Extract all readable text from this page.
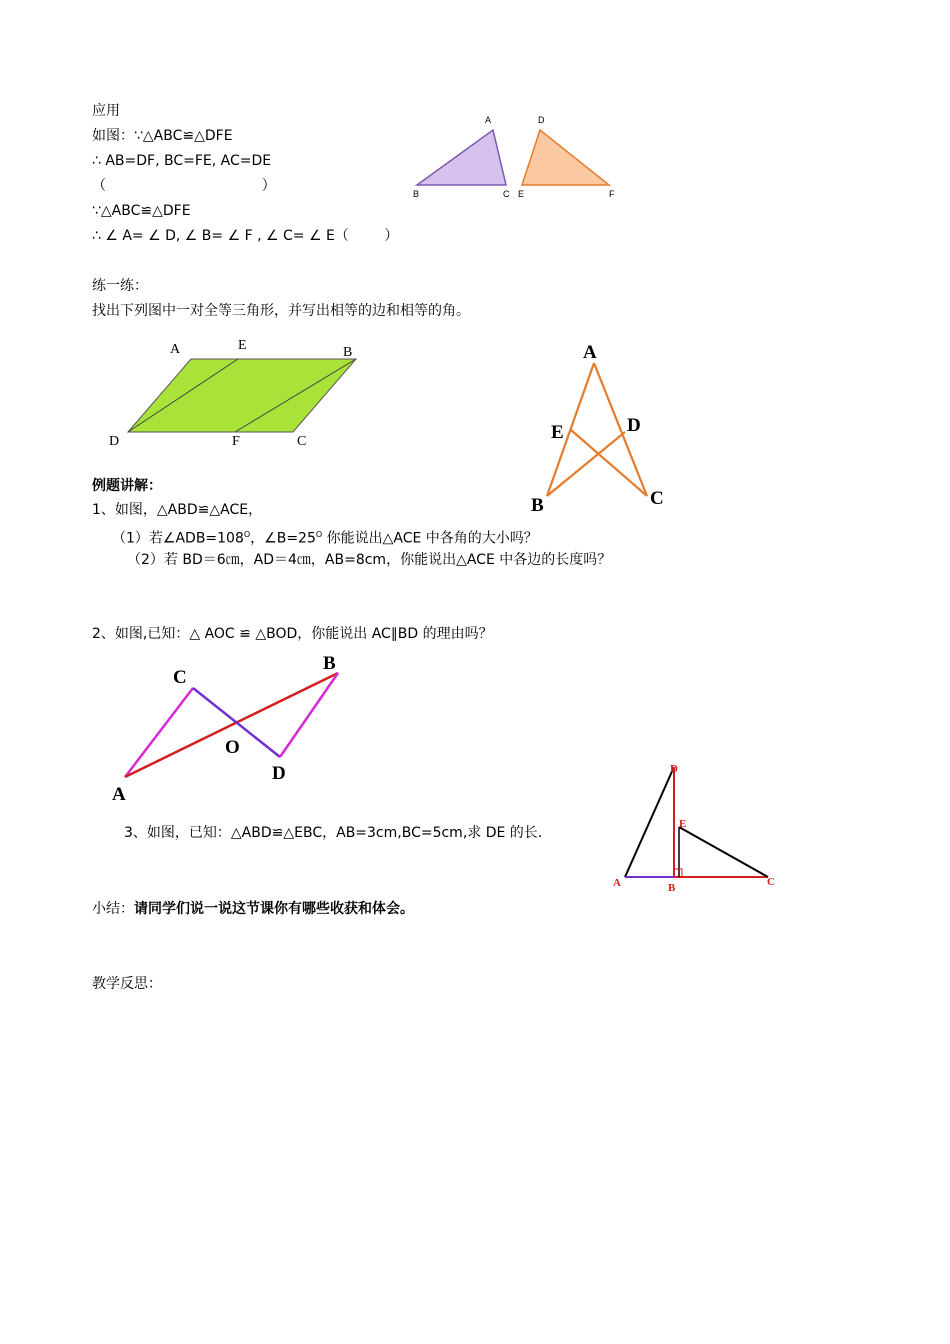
应用
如图：∵△ABC≌△DFE
∴ AB=DF, BC=FE, AC=DE
（                                   ）
∵△ABC≌△DFE
∴ ∠ A= ∠ D, ∠ B= ∠ F , ∠ C= ∠ E（        ）
A
B	C
D
E	F
练一练：
找出下列图中一对全等三角形，并写出相等的边和相等的角。
A	E	B
D	F	C
A
E	D
B	C
例题讲解：
1、如图，△ABD≌△ACE，
（1）若$\angle ADB=108^O$，$\angle B=25^O$ 你能说出△ACE 中各角的大小吗？
（2）若 BD＝6㎝，AD＝4㎝，AB=8cm，你能说出△ACE 中各边的长度吗？
2、如图,已知：△ AOC ≌ △BOD，你能说出 AC∥BD 的理由吗？
C
B
O
D
A
3、如图，已知：△ABD≌△EBC，AB=3cm,BC=5cm,求 DE 的长.
D
E
A	B	C
小结：请同学们说一说这节课你有哪些收获和体会。
教学反思：
